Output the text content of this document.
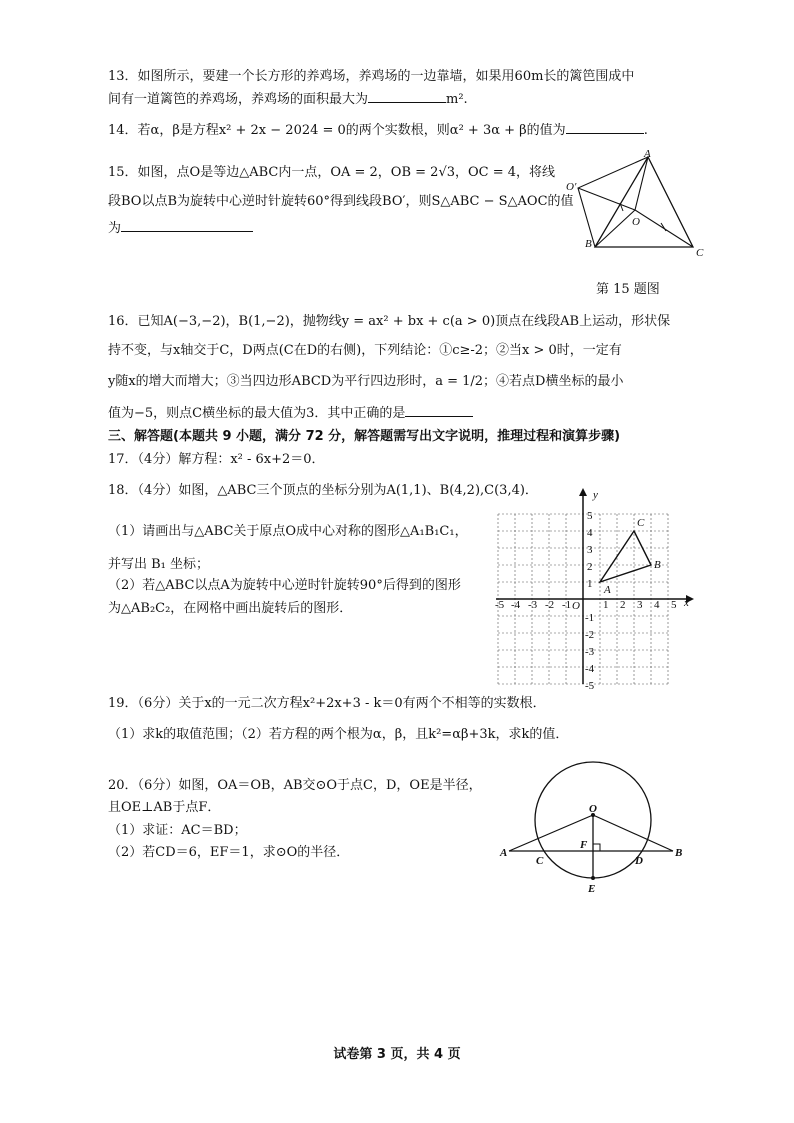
13．如图所示，要建一个长方形的养鸡场，养鸡场的一边靠墙，如果用60m长的篱笆围成中
间有一道篱笆的养鸡场，养鸡场的面积最大为	m².
14．若α，β是方程x² + 2x − 2024 = 0的两个实数根，则α² + 3α + β的值为	.
15．如图，点O是等边△ABC内一点，OA = 2，OB = 2√3，OC = 4，将线
段BO以点B为旋转中心逆时针旋转60°得到线段BO′，则S△ABC − S△AOC的值
为
A
B
C
O
O′
第 15 题图
16．已知A(−3,−2)，B(1,−2)，抛物线y = ax² + bx + c(a > 0)顶点在线段AB上运动，形状保
持不变，与x轴交于C，D两点(C在D的右侧)，下列结论：①c≥-2；②当x > 0时，一定有
y随x的增大而增大；③当四边形ABCD为平行四边形时，a = 1/2；④若点D横坐标的最小
值为−5，则点C横坐标的最大值为3．其中正确的是
三、解答题(本题共 9 小题，满分 72 分，解答题需写出文字说明，推理过程和演算步骤)
17．（4分）解方程：x² - 6x+2＝0．
18．（4分）如图，△ABC三个顶点的坐标分别为A(1,1)、B(4,2),C(3,4)．
（1）请画出与△ABC关于原点O成中心对称的图形△A₁B₁C₁，
并写出 B₁ 坐标；
（2）若△ABC以点A为旋转中心逆时针旋转90°后得到的图形
为△AB₂C₂，在网格中画出旋转后的图形．	x
y
O
-5 -4 -3 -2 -1	1 2 3 4 5
1
2
3
4
5
-1
-2
-3
-4
-5
A
B
C
19．（6分）关于x的一元二次方程x²+2x+3 - k＝0有两个不相等的实数根．
（1）求k的取值范围；（2）若方程的两个根为α，β，且k²=αβ+3k，求k的值．
20．（6分）如图，OA＝OB，AB交⊙O于点C，D，OE是半径，
且OE⊥AB于点F．
（1）求证：AC＝BD；
（2）若CD＝6，EF＝1，求⊙O的半径．
O
A	B
C	D
F
E
试卷第 3 页，共 4 页
